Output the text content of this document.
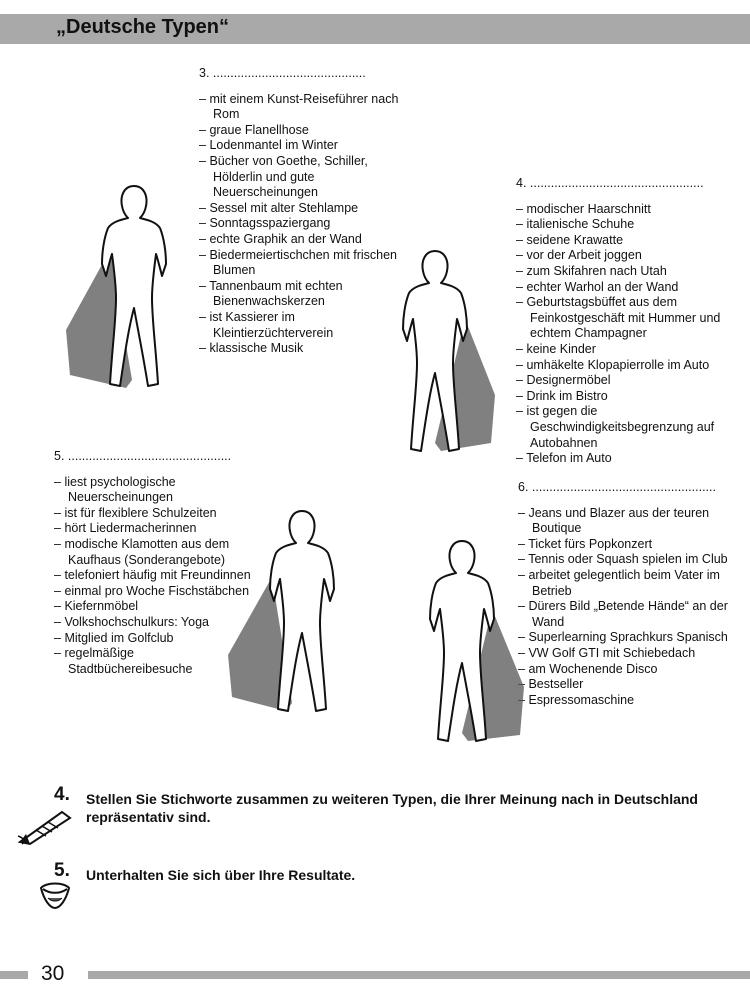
„Deutsche Typen“
3. ............................................
– mit einem Kunst-Reiseführer nach Rom
– graue Flanellhose
– Lodenmantel im Winter
– Bücher von Goethe, Schiller, Hölderlin und gute Neuerscheinungen
– Sessel mit alter Stehlampe
– Sonntagsspaziergang
– echte Graphik an der Wand
– Biedermeiertischchen mit frischen Blumen
– Tannenbaum mit echten Bienenwachskerzen
– ist Kassierer im Kleintierzüchterverein
– klassische Musik
4. ..................................................
– modischer Haarschnitt
– italienische Schuhe
– seidene Krawatte
– vor der Arbeit joggen
– zum Skifahren nach Utah
– echter Warhol an der Wand
– Geburtstagsbüffet aus dem Feinkostgeschäft mit Hummer und echtem Champagner
– keine Kinder
– umhäkelte Klopapierrolle im Auto
– Designermöbel
– Drink im Bistro
– ist gegen die Geschwindigkeitsbegrenzung auf Autobahnen
– Telefon im Auto
5. ...............................................
– liest psychologische Neuerscheinungen
– ist für flexiblere Schulzeiten
– hört Liedermacherinnen
– modische Klamotten aus dem Kaufhaus (Sonderangebote)
– telefoniert häufig mit Freundinnen
– einmal pro Woche Fischstäbchen
– Kiefernmöbel
– Volkshochschulkurs: Yoga
– Mitglied im Golfclub
– regelmäßige Stadtbüchereibesuche
6. .....................................................
– Jeans und Blazer aus der teuren Boutique
– Ticket fürs Popkonzert
– Tennis oder Squash spielen im Club
– arbeitet gelegentlich beim Vater im Betrieb
– Dürers Bild „Betende Hände“ an der Wand
– Superlearning Sprachkurs Spanisch
– VW Golf GTI mit Schiebedach
– am Wochenende Disco
– Bestseller
– Espressomaschine
4. Stellen Sie Stichworte zusammen zu weiteren Typen, die Ihrer Meinung nach in Deutschland repräsentativ sind.
5. Unterhalten Sie sich über Ihre Resultate.
30
